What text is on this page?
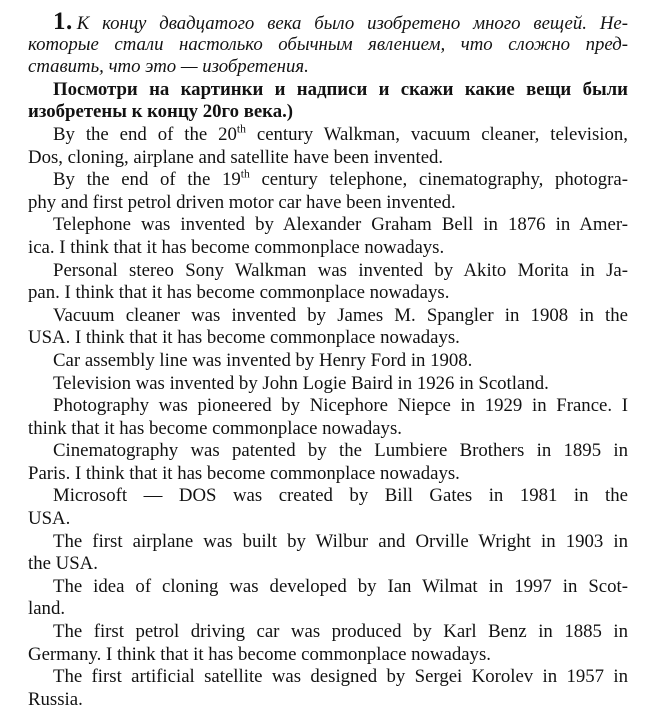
1. К концу двадцатого века было изобретено много вещей. Не-
которые стали настолько обычным явлением, что сложно пред-
ставить, что это — изобретения.
Посмотри на картинки и надписи и скажи какие вещи были
изобретены к концу 20го века.)
By the end of the 20th century Walkman, vacuum cleaner, television,
Dos, cloning, airplane and satellite have been invented.
By the end of the 19th century telephone, cinematography, photogra-
phy and first petrol driven motor car have been invented.
Telephone was invented by Alexander Graham Bell in 1876 in Amer-
ica. I think that it has become commonplace nowadays.
Personal stereo Sony Walkman was invented by Akito Morita in Ja-
pan. I think that it has become commonplace nowadays.
Vacuum cleaner was invented by James M. Spangler in 1908 in the
USA. I think that it has become commonplace nowadays.
Car assembly line was invented by Henry Ford in 1908.
Television was invented by John Logie Baird in 1926 in Scotland.
Photography was pioneered by Nicephore Niepce in 1929 in France. I
think that it has become commonplace nowadays.
Cinematography was patented by the Lumbiere Brothers in 1895 in
Paris. I think that it has become commonplace nowadays.
Microsoft — DOS was created by Bill Gates in 1981 in the
USA.
The first airplane was built by Wilbur and Orville Wright in 1903 in
the USA.
The idea of cloning was developed by Ian Wilmat in 1997 in Scot-
land.
The first petrol driving car was produced by Karl Benz in 1885 in
Germany. I think that it has become commonplace nowadays.
The first artificial satellite was designed by Sergei Korolev in 1957 in
Russia.
